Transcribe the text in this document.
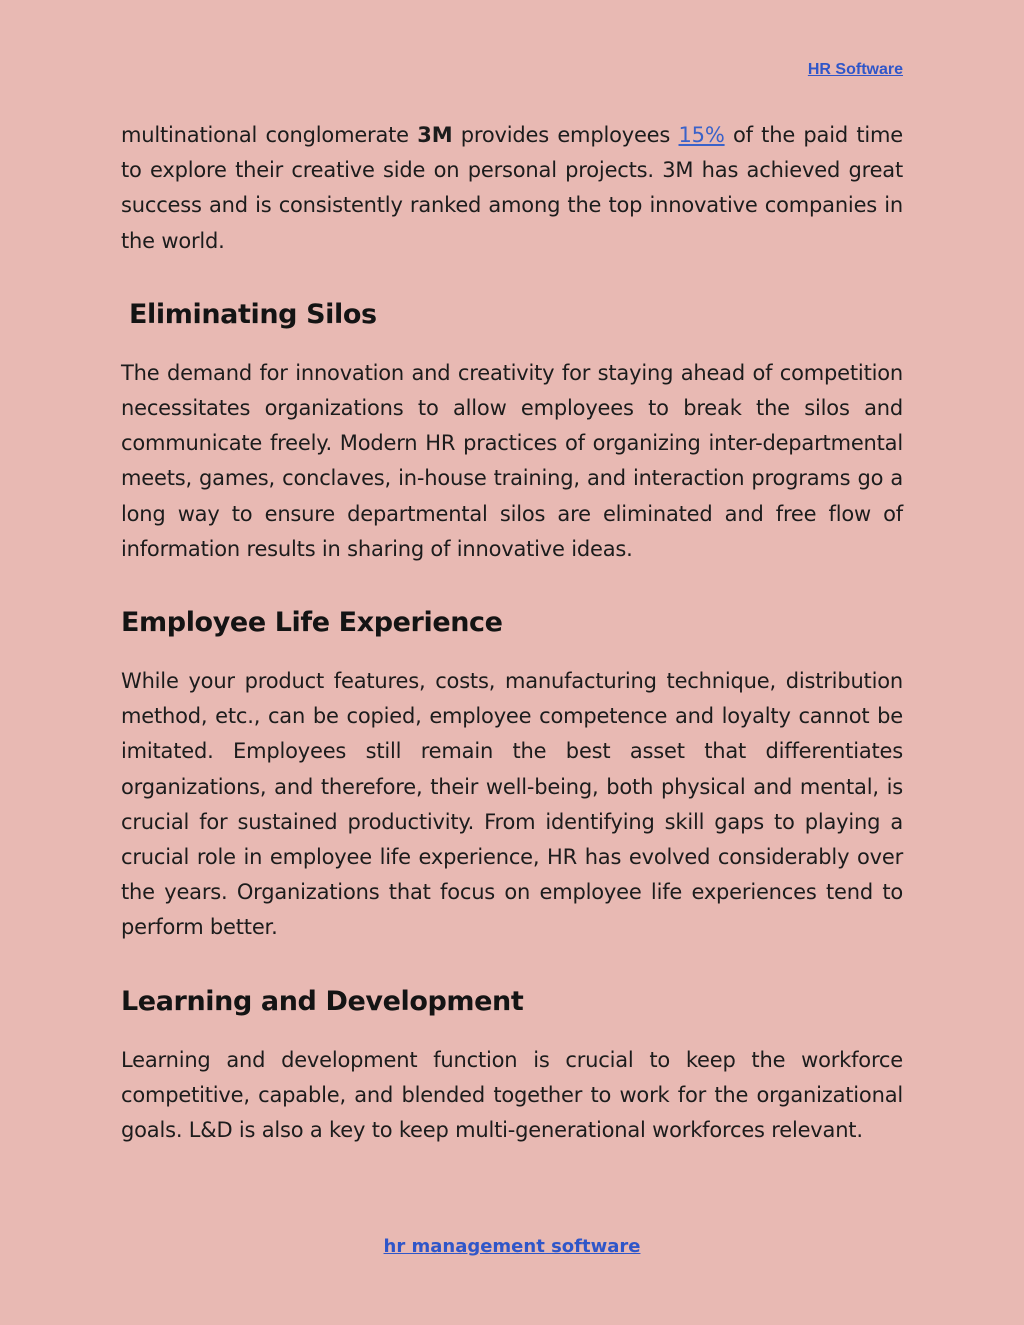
HR Software

multinational conglomerate 3M provides employees 15% of the paid time to explore their creative side on personal projects. 3M has achieved great success and is consistently ranked among the top innovative companies in the world.

Eliminating Silos

The demand for innovation and creativity for staying ahead of competition necessitates organizations to allow employees to break the silos and communicate freely. Modern HR practices of organizing inter-departmental meets, games, conclaves, in-house training, and interaction programs go a long way to ensure departmental silos are eliminated and free flow of information results in sharing of innovative ideas.

Employee Life Experience

While your product features, costs, manufacturing technique, distribution method, etc., can be copied, employee competence and loyalty cannot be imitated. Employees still remain the best asset that differentiates organizations, and therefore, their well-being, both physical and mental, is crucial for sustained productivity. From identifying skill gaps to playing a crucial role in employee life experience, HR has evolved considerably over the years. Organizations that focus on employee life experiences tend to perform better.

Learning and Development

Learning and development function is crucial to keep the workforce competitive, capable, and blended together to work for the organizational goals. L&D is also a key to keep multi-generational workforces relevant.

hr management software
